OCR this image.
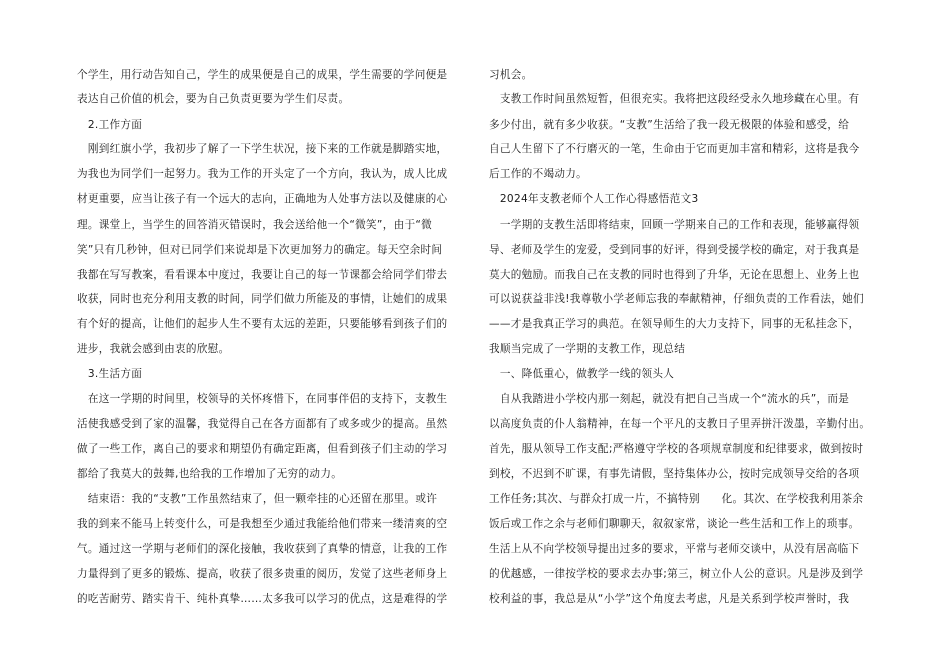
个学生，用行动告知自己，学生的成果便是自己的成果，学生需要的学问便是
表达自己价值的机会，要为自己负责更要为学生们尽责。
　2.工作方面
　刚到红旗小学，我初步了解了一下学生状况，接下来的工作就是脚踏实地，
为我也为同学们一起努力。我为工作的开头定了一个方向，我认为，成人比成
材更重要，应当让孩子有一个远大的志向，正确地为人处事方法以及健康的心
理。课堂上，当学生的回答消灭错误时，我会送给他一个“微笑”，由于“微
笑”只有几秒钟，但对已同学们来说却是下次更加努力的确定。每天空余时间
我都在写写教案，看看课本中度过，我要让自己的每一节课都会给同学们带去
收获，同时也充分利用支教的时间，同学们做力所能及的事情，让她们的成果
有个好的提高，让他们的起步人生不要有太远的差距，只要能够看到孩子们的
进步，我就会感到由衷的欣慰。
　3.生活方面
　在这一学期的时间里，校领导的关怀疼惜下，在同事伴侣的支持下，支教生
活使我感受到了家的温馨，我觉得自己在各方面都有了或多或少的提高。虽然
做了一些工作，离自己的要求和期望仍有确定距离，但看到孩子们主动的学习
都给了我莫大的鼓舞,也给我的工作增加了无穷的动力。
　结束语：我的“支教”工作虽然结束了，但一颗牵挂的心还留在那里。或许
我的到来不能马上转变什么，可是我想至少通过我能给他们带来一缕清爽的空
气。通过这一学期与老师们的深化接触，我收获到了真挚的情意，让我的工作
力量得到了更多的锻炼、提高，收获了很多贵重的阅历，发觉了这些老师身上
的吃苦耐劳、踏实肯干、纯朴真挚……太多我可以学习的优点，这是难得的学
习机会。
　支教工作时间虽然短暂，但很充实。我将把这段经受永久地珍藏在心里。有
多少付出，就有多少收获。“支教”生活给了我一段无极限的体验和感受，给
自己人生留下了不行磨灭的一笔，生命由于它而更加丰富和精彩，这将是我今
后工作的不竭动力。
　2024年支教老师个人工作心得感悟范文3
　一学期的支教生活即将结束，回顾一学期来自己的工作和表现，能够赢得领
导、老师及学生的宠爱，受到同事的好评，得到受援学校的确定，对于我真是
莫大的勉励。而我自己在支教的同时也得到了升华，无论在思想上、业务上也
可以说获益非浅!我尊敬小学老师忘我的奉献精神，仔细负责的工作看法，她们
——才是我真正学习的典范。在领导师生的大力支持下，同事的无私挂念下，
我顺当完成了一学期的支教工作，现总结
　一、降低重心，做教学一线的领头人
　自从我踏进小学校内那一刻起，就没有把自己当成一个“流水的兵”，而是
以高度负责的仆人翁精神，在每一个平凡的支教日子里弄拼汗泼墨，辛勤付出。
首先，服从领导工作支配;严格遵守学校的各项规章制度和纪律要求，做到按时
到校，不迟到不旷课，有事先请假，坚持集体办公，按时完成领导交给的各项
工作任务;其次、与群众打成一片，不搞特别　　化。其次、在学校我利用茶余
饭后或工作之余与老师们聊聊天，叙叙家常，谈论一些生活和工作上的琐事。
生活上从不向学校领导提出过多的要求，平常与老师交谈中，从没有居高临下
的优越感，一律按学校的要求去办事;第三，树立仆人公的意识。凡是涉及到学
校利益的事，我总是从“小学”这个角度去考虑，凡是关系到学校声誉时，我
